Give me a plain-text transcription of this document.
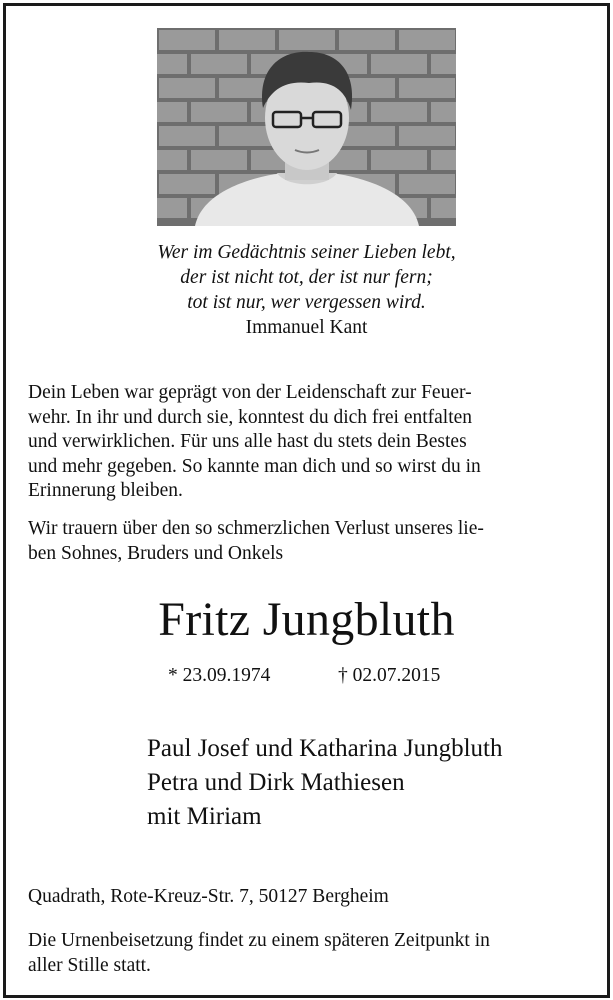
Wer im Gedächtnis seiner Lieben lebt,
der ist nicht tot, der ist nur fern;
tot ist nur, wer vergessen wird.
Immanuel Kant
Dein Leben war geprägt von der Leidenschaft zur Feuer-
wehr. In ihr und durch sie, konntest du dich frei entfalten
und verwirklichen. Für uns alle hast du stets dein Bestes
und mehr gegeben. So kannte man dich und so wirst du in
Erinnerung bleiben.
Wir trauern über den so schmerzlichen Verlust unseres lie-
ben Sohnes, Bruders und Onkels
Fritz Jungbluth
* 23.09.1974	† 02.07.2015
Paul Josef und Katharina Jungbluth
Petra und Dirk Mathiesen
mit Miriam
Quadrath, Rote-Kreuz-Str. 7, 50127 Bergheim
Die Urnenbeisetzung findet zu einem späteren Zeitpunkt in
aller Stille statt.
